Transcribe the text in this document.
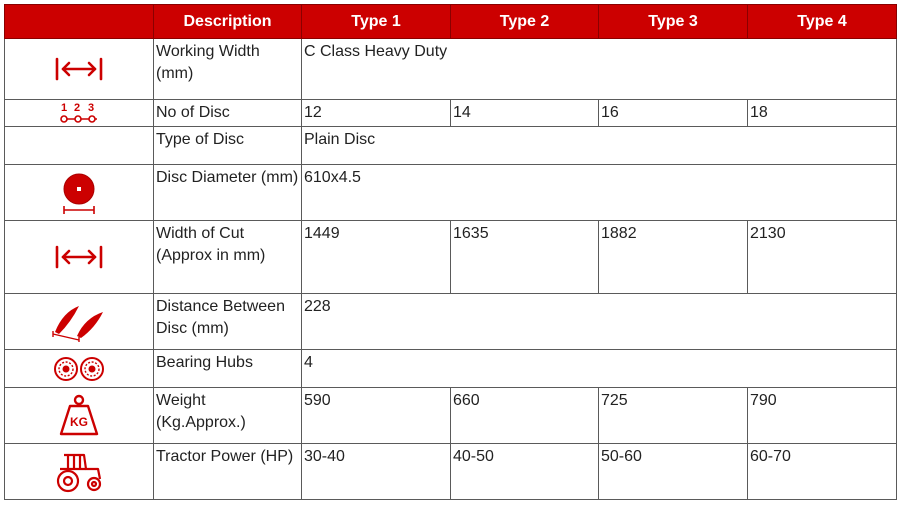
	Description	Type 1	Type 2	Type 3	Type 4

	Working Width (mm)	C Class Heavy Duty			

1 2 3	No of Disc	12	14	16	18
	Type of Disc	Plain Disc			

	Disc Diameter (mm)	610x4.5			

	Width of Cut (Approx in mm)	1449	1635	1882	2130

	Distance Between Disc (mm)	228			

	Bearing Hubs	4			

KG	Weight (Kg.Approx.)	590	660	725	790

	Tractor Power (HP)	30-40	40-50	50-60	60-70
